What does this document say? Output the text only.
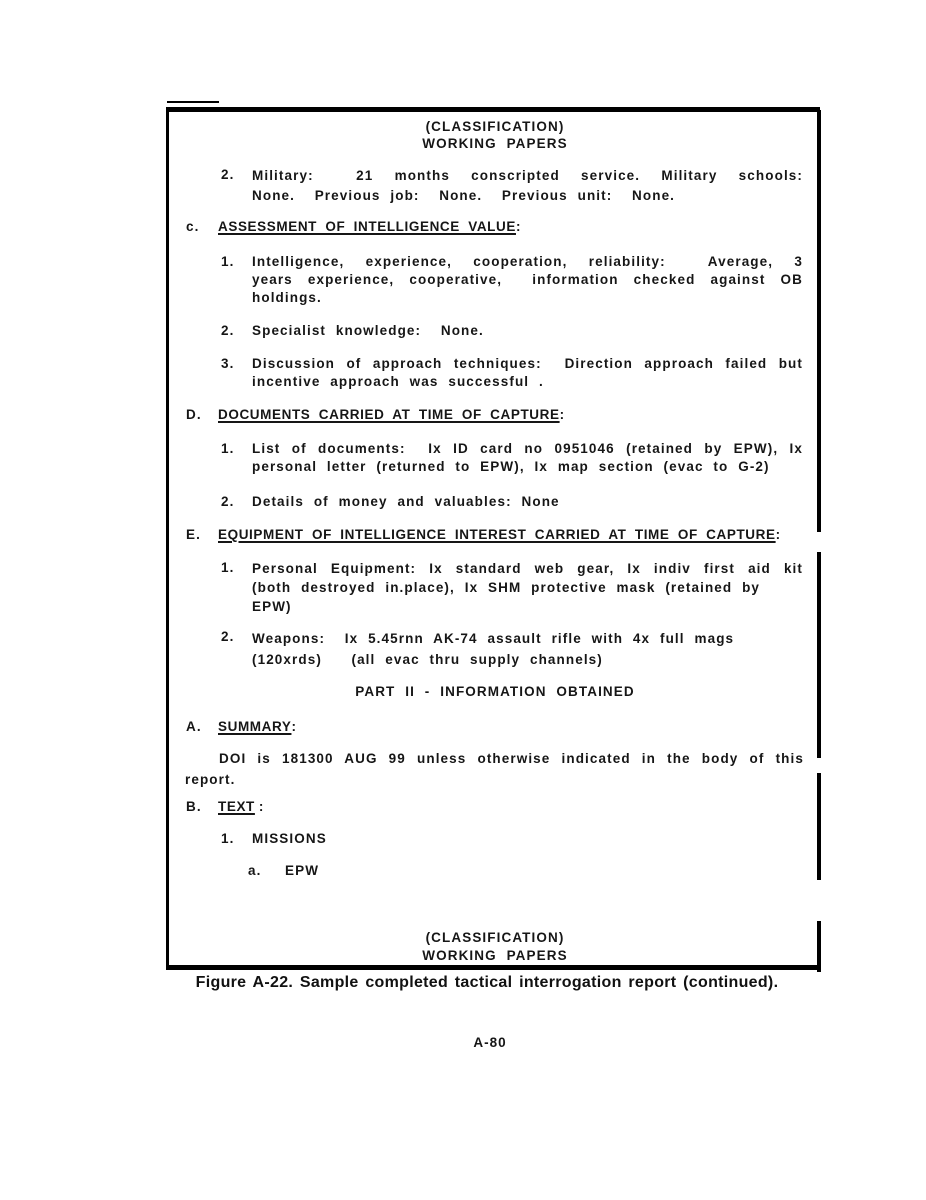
(CLASSIFICATION)
WORKING PAPERS
2. Military:  21 months conscripted service. Military schools:
None.  Previous job:  None.  Previous unit:  None.
c. ASSESSMENT OF INTELLIGENCE VALUE:
1. Intelligence, experience, cooperation, reliability:  Average, 3
years experience, cooperative,  information checked against OB
holdings.
2. Specialist knowledge:  None.
3. Discussion of approach techniques:  Direction approach failed but
incentive approach was successful .
D. DOCUMENTS CARRIED AT TIME OF CAPTURE:
1. List of documents:  Ix ID card no 0951046 (retained by EPW), Ix
personal letter (returned to EPW), Ix map section (evac to G-2)
2. Details of money and valuables: None
E. EQUIPMENT OF INTELLIGENCE INTEREST CARRIED AT TIME OF CAPTURE:
1. Personal Equipment: Ix standard web gear, Ix indiv first aid kit
(both destroyed in.place), Ix SHM protective mask (retained by
EPW)
2. Weapons:  Ix 5.45rnn AK-74 assault rifle with 4x full mags
(120xrds)   (all evac thru supply channels)
PART II - INFORMATION OBTAINED
A. SUMMARY:
DOI is 181300 AUG 99 unless otherwise indicated in the body of this
report.
B. TEXT :
1. MISSIONS
a. EPW
(CLASSIFICATION)
WORKING PAPERS
Figure A-22. Sample completed tactical interrogation report (continued).
A-80
